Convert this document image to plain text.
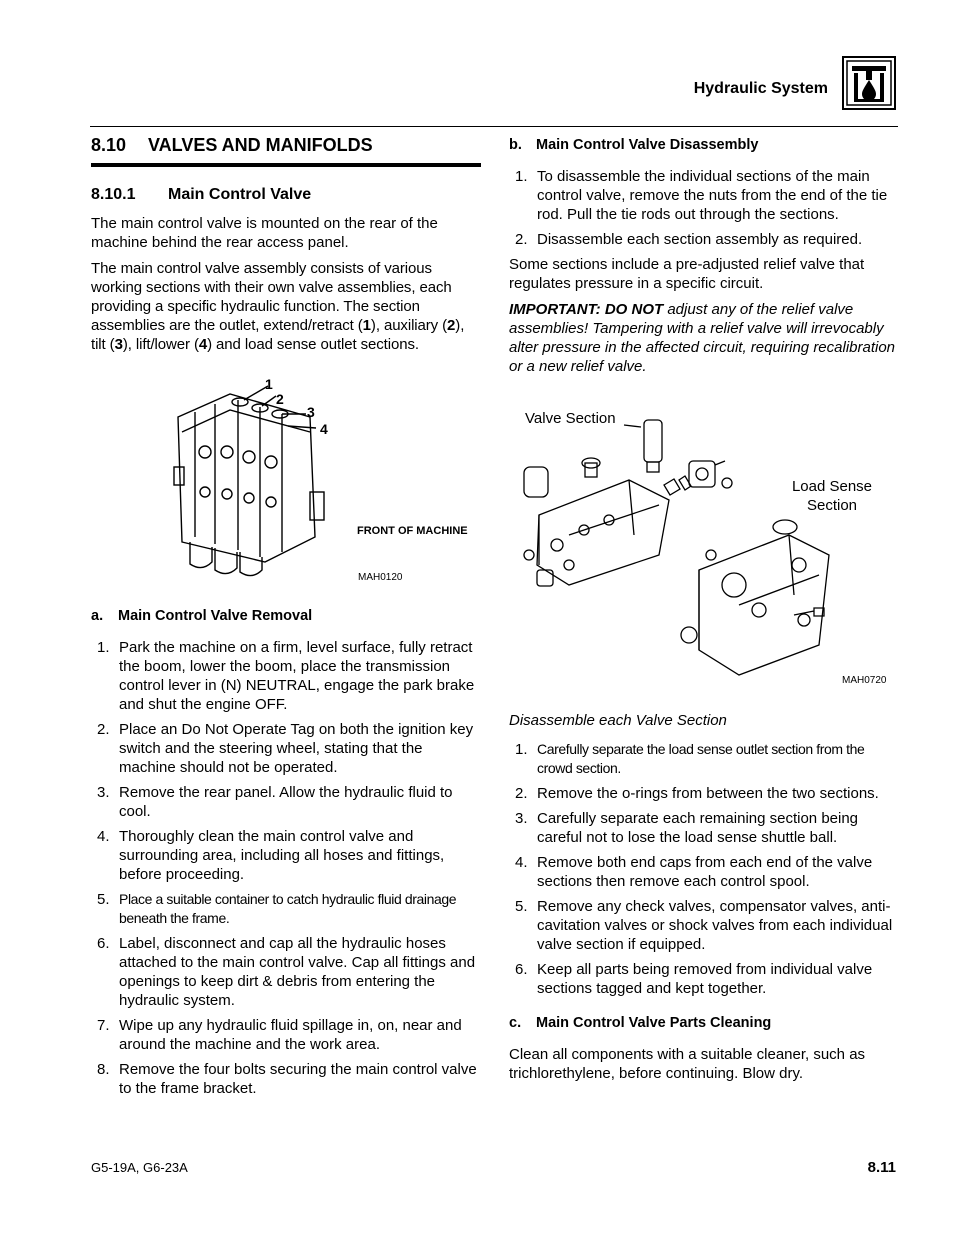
Hydraulic System
8.10 VALVES AND MANIFOLDS
8.10.1 Main Control Valve

The main control valve is mounted on the rear of the machine behind the rear access panel.

The main control valve assembly consists of various working sections with their own valve assemblies, each providing a specific hydraulic function. The section assemblies are the outlet, extend/retract (1), auxiliary (2), tilt (3), lift/lower (4) and load sense outlet sections.

1
2
3
4
FRONT OF MACHINE
MAH0120
a. Main Control Valve Removal
1. Park the machine on a firm, level surface, fully retract the boom, lower the boom, place the transmission control lever in (N) NEUTRAL, engage the park brake and shut the engine OFF.
2. Place an Do Not Operate Tag on both the ignition key switch and the steering wheel, stating that the machine should not be operated.
3. Remove the rear panel. Allow the hydraulic fluid to cool.
4. Thoroughly clean the main control valve and surrounding area, including all hoses and fittings, before proceeding.
5. Place a suitable container to catch hydraulic fluid drainage beneath the frame.
6. Label, disconnect and cap all the hydraulic hoses attached to the main control valve. Cap all fittings and openings to keep dirt & debris from entering the hydraulic system.
7. Wipe up any hydraulic fluid spillage in, on, near and around the machine and the work area.
8. Remove the four bolts securing the main control valve to the frame bracket.
b. Main Control Valve Disassembly
1. To disassemble the individual sections of the main control valve, remove the nuts from the end of the tie rod. Pull the tie rods out through the sections.
2. Disassemble each section assembly as required.

Some sections include a pre-adjusted relief valve that regulates pressure in a specific circuit.

IMPORTANT: DO NOT adjust any of the relief valve assemblies! Tampering with a relief valve will irrevocably alter pressure in the affected circuit, requiring recalibration or a new relief valve.

Valve Section
Load Sense
Section
MAH0720

Disassemble each Valve Section

1. Carefully separate the load sense outlet section from the crowd section.
2. Remove the o-rings from between the two sections.
3. Carefully separate each remaining section being careful not to lose the load sense shuttle ball.
4. Remove both end caps from each end of the valve sections then remove each control spool.
5. Remove any check valves, compensator valves, anti-cavitation valves or shock valves from each individual valve section if equipped.
6. Keep all parts being removed from individual valve sections tagged and kept together.
c. Main Control Valve Parts Cleaning

Clean all components with a suitable cleaner, such as trichlorethylene, before continuing. Blow dry.

G5-19A, G6-23A	8.11
